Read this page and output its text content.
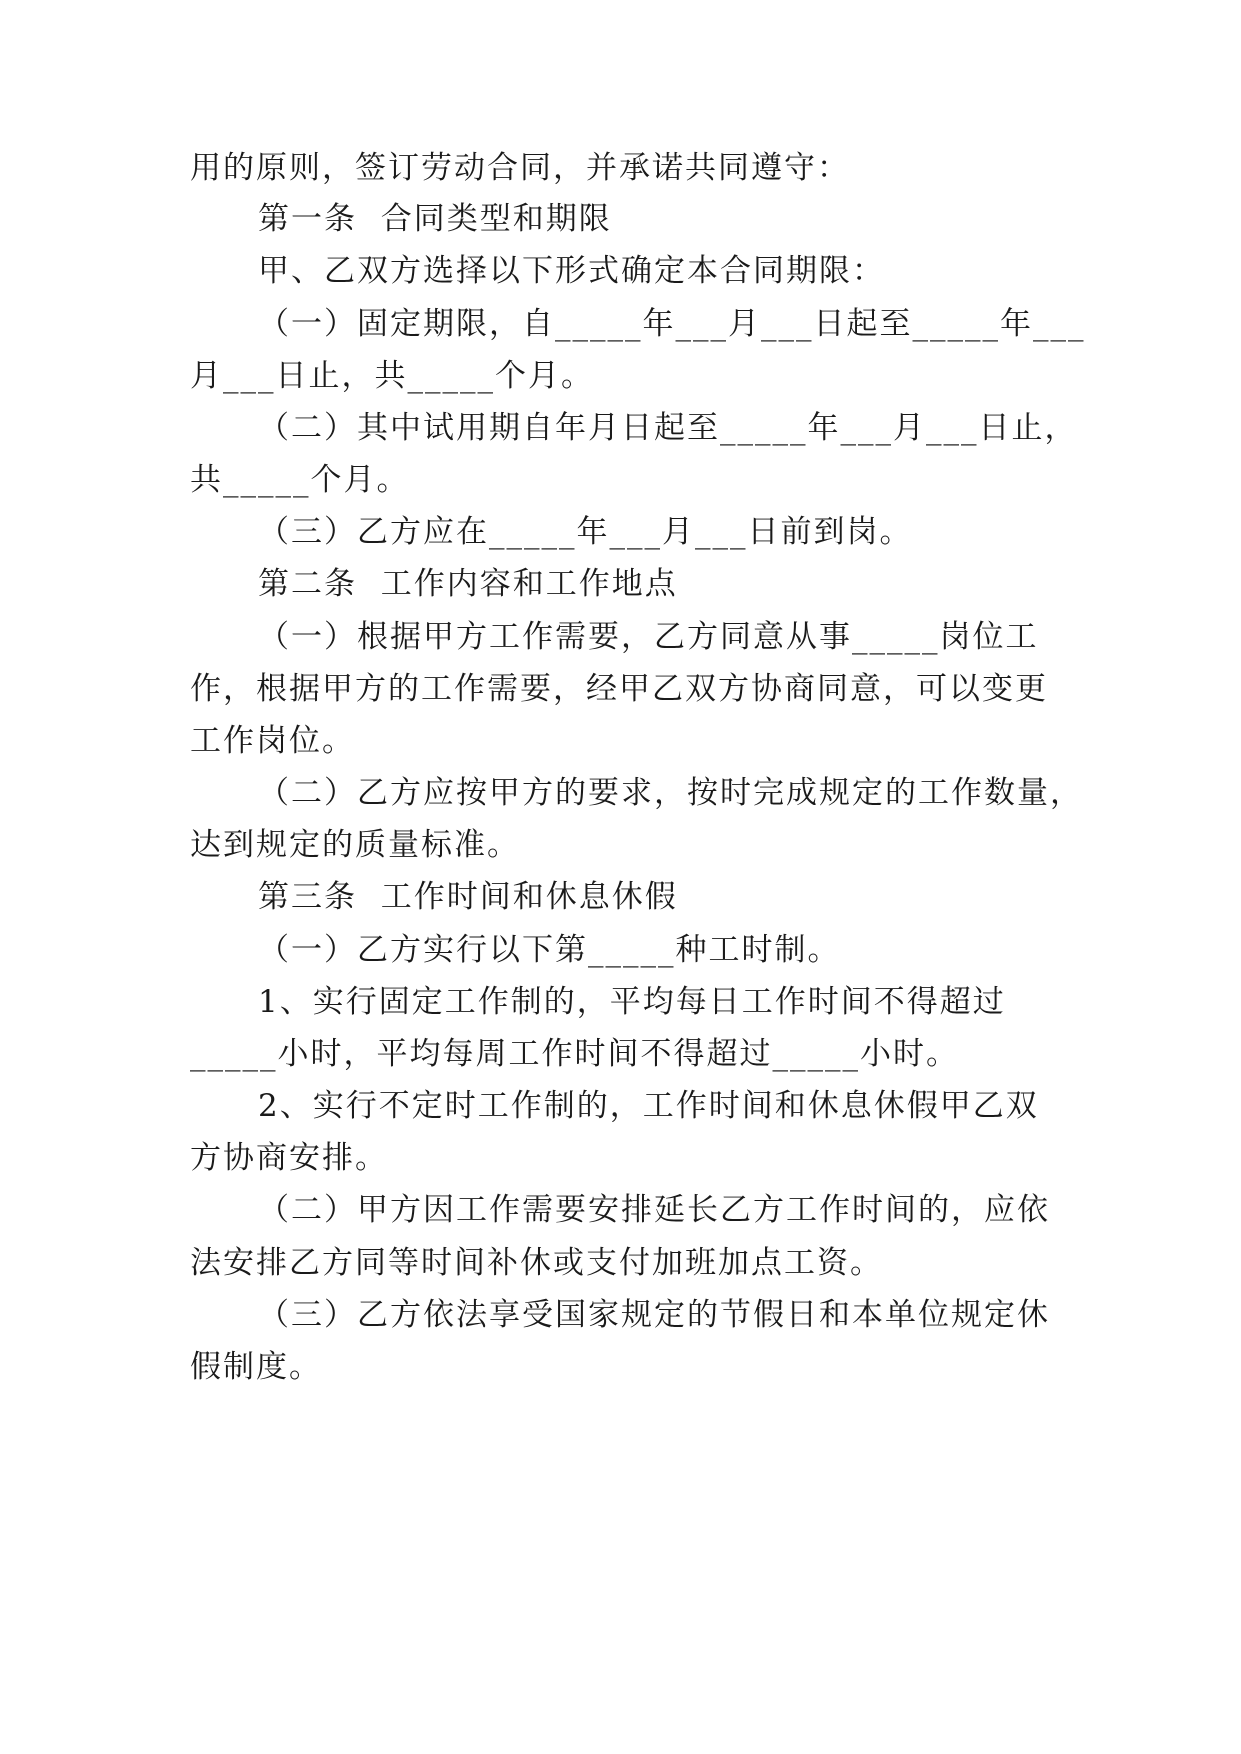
用的原则，签订劳动合同，并承诺共同遵守：
第一条  合同类型和期限
甲、乙双方选择以下形式确定本合同期限：
（一）固定期限，自_____年___月___日起至_____年___
月___日止，共_____个月。
（二）其中试用期自年月日起至_____年___月___日止，
共_____个月。
（三）乙方应在_____年___月___日前到岗。
第二条  工作内容和工作地点
（一）根据甲方工作需要，乙方同意从事_____岗位工
作，根据甲方的工作需要，经甲乙双方协商同意，可以变更
工作岗位。
（二）乙方应按甲方的要求，按时完成规定的工作数量，
达到规定的质量标准。
第三条  工作时间和休息休假
（一）乙方实行以下第_____种工时制。
1、实行固定工作制的，平均每日工作时间不得超过
_____小时，平均每周工作时间不得超过_____小时。
2、实行不定时工作制的，工作时间和休息休假甲乙双
方协商安排。
（二）甲方因工作需要安排延长乙方工作时间的，应依
法安排乙方同等时间补休或支付加班加点工资。
（三）乙方依法享受国家规定的节假日和本单位规定休
假制度。
